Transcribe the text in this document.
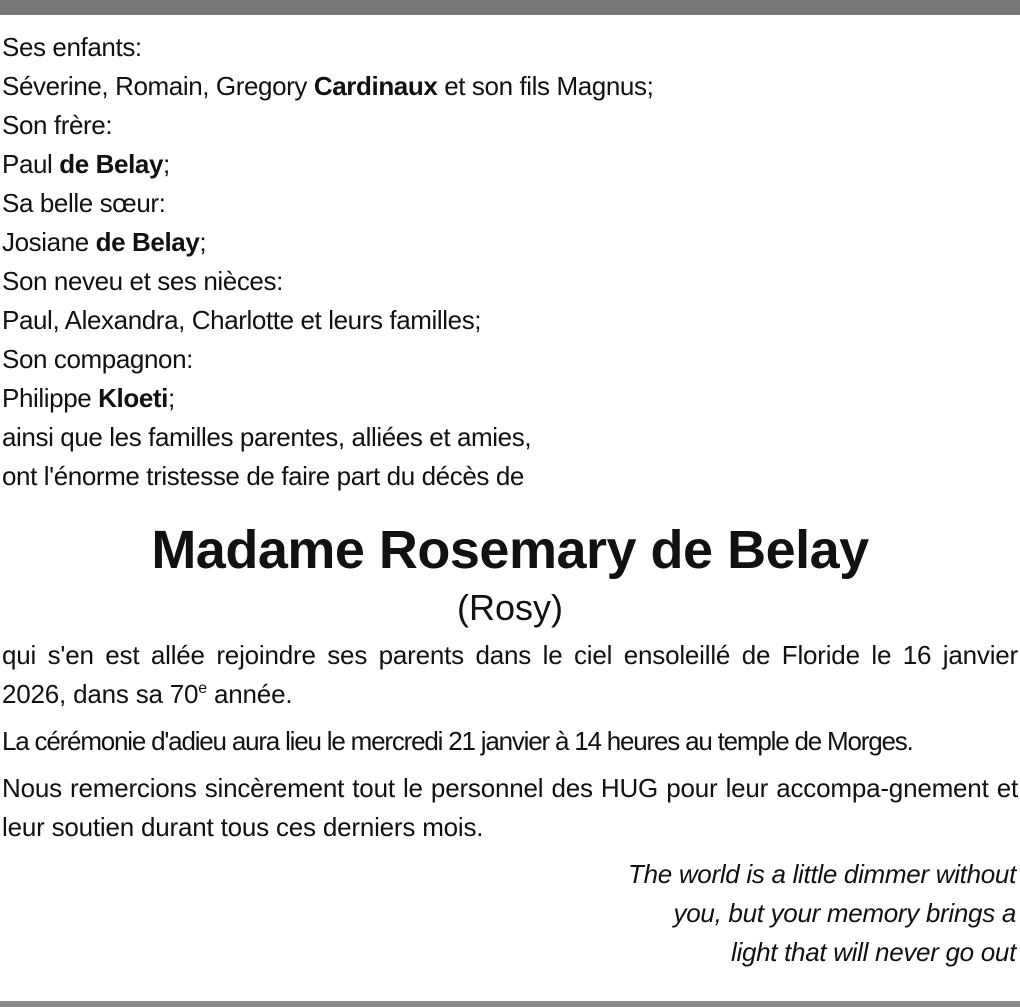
Ses enfants:
Séverine, Romain, Gregory Cardinaux et son fils Magnus;
Son frère:
Paul de Belay;
Sa belle sœur:
Josiane de Belay;
Son neveu et ses nièces:
Paul, Alexandra, Charlotte et leurs familles;
Son compagnon:
Philippe Kloeti;
ainsi que les familles parentes, alliées et amies,
ont l'énorme tristesse de faire part du décès de
Madame Rosemary de Belay
(Rosy)
qui s'en est allée rejoindre ses parents dans le ciel ensoleillé de Floride le 16 janvier 2026, dans sa 70e année.
La cérémonie d'adieu aura lieu le mercredi 21 janvier à 14 heures au temple de Morges.
Nous remercions sincèrement tout le personnel des HUG pour leur accompa-gnement et leur soutien durant tous ces derniers mois.
The world is a little dimmer without
you, but your memory brings a
light that will never go out
